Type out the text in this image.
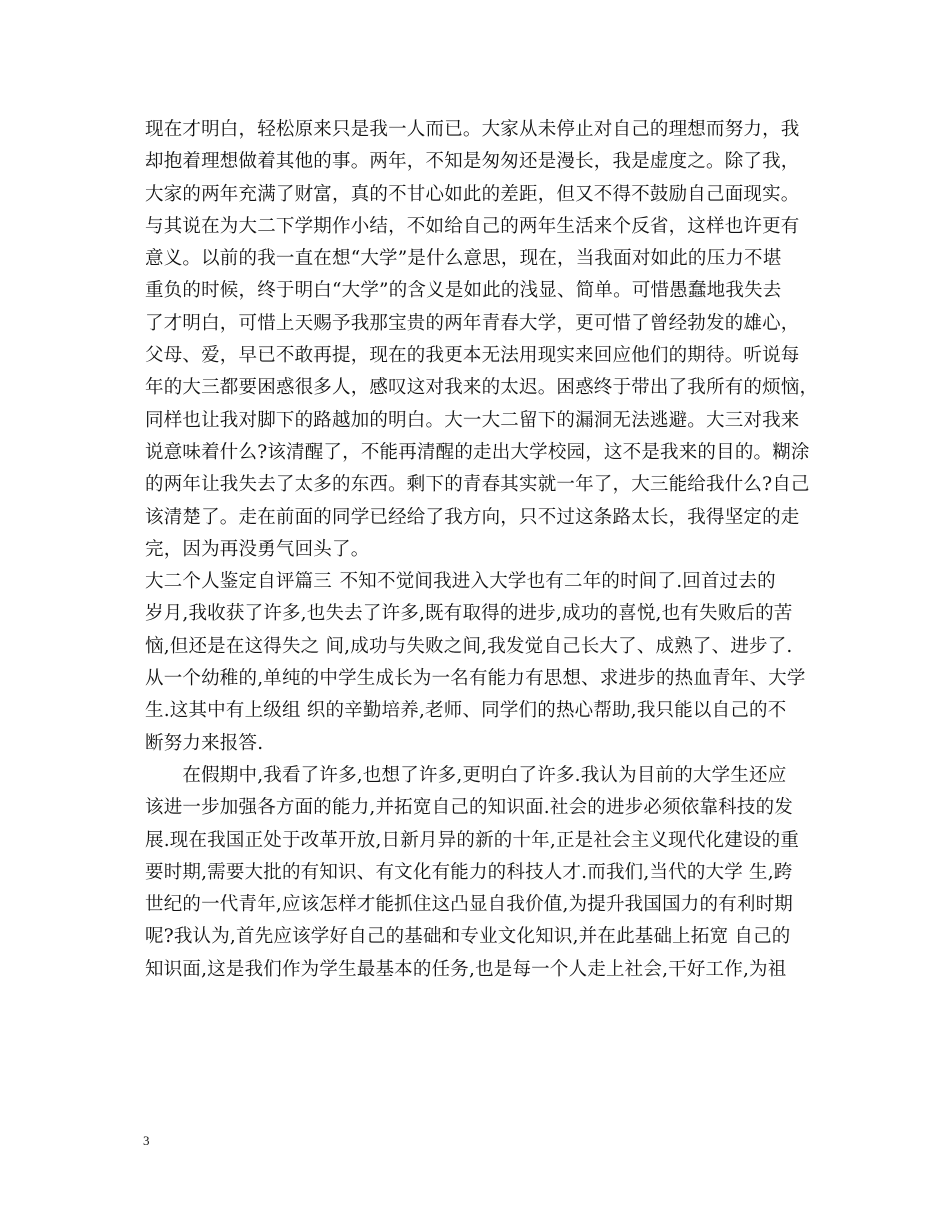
现在才明白，轻松原来只是我一人而已。大家从未停止对自己的理想而努力，我
却抱着理想做着其他的事。两年，不知是匆匆还是漫长，我是虚度之。除了我，
大家的两年充满了财富，真的不甘心如此的差距，但又不得不鼓励自己面现实。
与其说在为大二下学期作小结，不如给自己的两年生活来个反省，这样也许更有
意义。以前的我一直在想“大学”是什么意思，现在，当我面对如此的压力不堪
重负的时候，终于明白“大学”的含义是如此的浅显、简单。可惜愚蠢地我失去
了才明白，可惜上天赐予我那宝贵的两年青春大学，更可惜了曾经勃发的雄心，
父母、爱，早已不敢再提，现在的我更本无法用现实来回应他们的期待。听说每
年的大三都要困惑很多人，感叹这对我来的太迟。困惑终于带出了我所有的烦恼，
同样也让我对脚下的路越加的明白。大一大二留下的漏洞无法逃避。大三对我来
说意味着什么?该清醒了，不能再清醒的走出大学校园，这不是我来的目的。糊涂
的两年让我失去了太多的东西。剩下的青春其实就一年了，大三能给我什么?自己
该清楚了。走在前面的同学已经给了我方向，只不过这条路太长，我得坚定的走
完，因为再没勇气回头了。
大二个人鉴定自评篇三	不知不觉间我进入大学也有二年的时间了.回首过去的
岁月,我收获了许多,也失去了许多,既有取得的进步,成功的喜悦,也有失败后的苦
恼,但还是在这得失之 间,成功与失败之间,我发觉自己长大了、成熟了、进步了.
从一个幼稚的,单纯的中学生成长为一名有能力有思想、求进步的热血青年、大学
生.这其中有上级组 织的辛勤培养,老师、同学们的热心帮助,我只能以自己的不
断努力来报答.
　　在假期中,我看了许多,也想了许多,更明白了许多.我认为目前的大学生还应
该进一步加强各方面的能力,并拓宽自己的知识面.社会的进步必须依靠科技的发
展.现在我国正处于改革开放,日新月异的新的十年,正是社会主义现代化建设的重
要时期,需要大批的有知识、有文化有能力的科技人才.而我们,当代的大学 生,跨
世纪的一代青年,应该怎样才能抓住这凸显自我价值,为提升我国国力的有利时期
呢?我认为,首先应该学好自己的基础和专业文化知识,并在此基础上拓宽 自己的
知识面,这是我们作为学生最基本的任务,也是每一个人走上社会,干好工作,为祖
3
